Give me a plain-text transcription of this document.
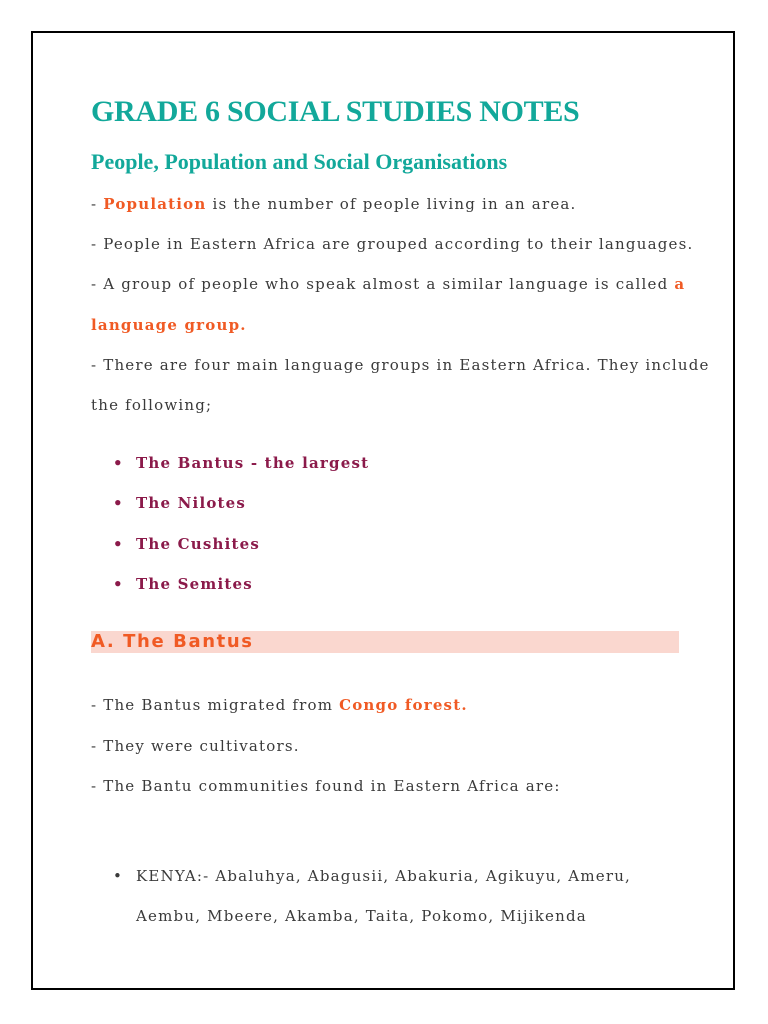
GRADE 6 SOCIAL STUDIES NOTES
People, Population and Social Organisations

- Population is the number of people living in an area.

- People in Eastern Africa are grouped according to their languages.

- A group of people who speak almost a similar language is called a

language group.

- There are four main language groups in Eastern Africa. They include

the following;

• The Bantus - the largest

• The Nilotes

• The Cushites

• The Semites

A. The Bantus

- The Bantus migrated from Congo forest.

- They were cultivators.

- The Bantu communities found in Eastern Africa are:

• KENYA:- Abaluhya, Abagusii, Abakuria, Agikuyu, Ameru,

Aembu, Mbeere, Akamba, Taita, Pokomo, Mijikenda
